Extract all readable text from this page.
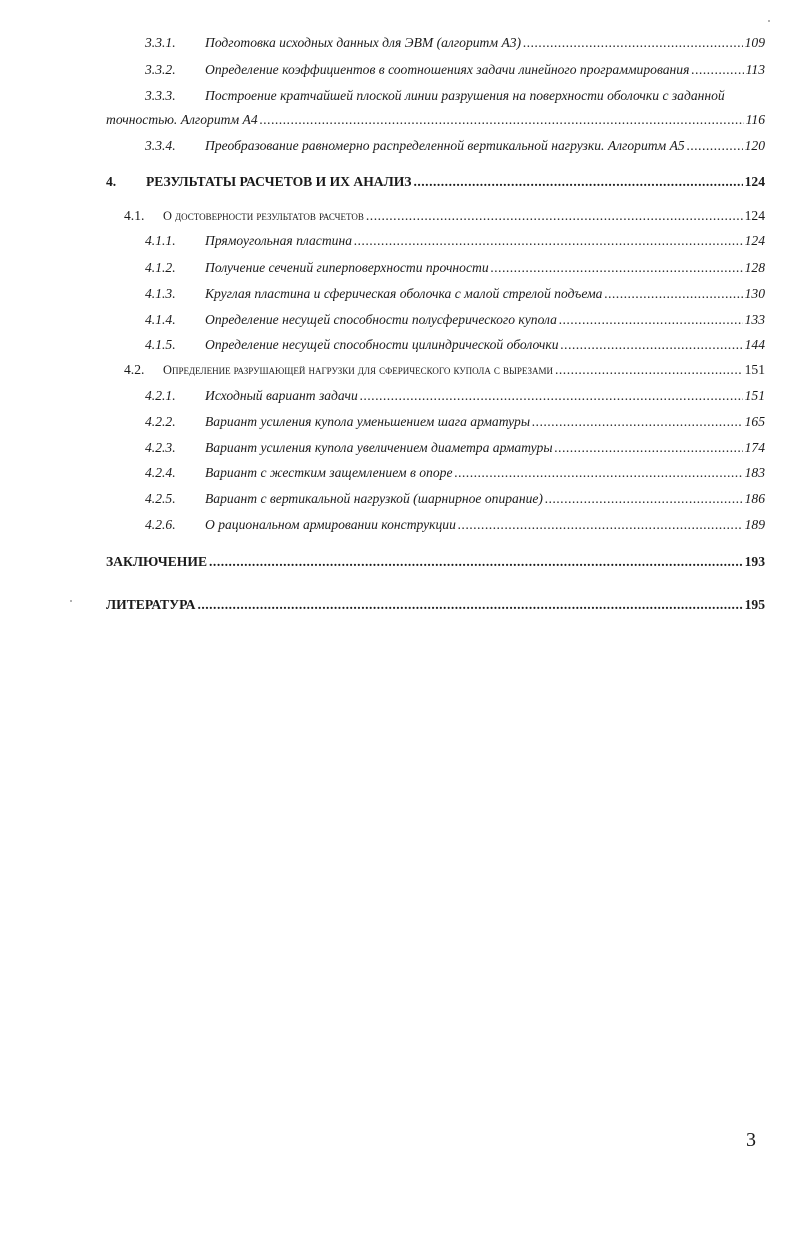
3.3.1. Подготовка исходных данных для ЭВМ (алгоритм А3) .....	109
3.3.2. Определение коэффициентов в соотношениях задачи линейного программирования .....	113
3.3.3. Построение кратчайшей плоской линии разрушения на поверхности оболочки с заданной
точностью. Алгоритм А4 .....	116
3.3.4. Преобразование равномерно распределенной вертикальной нагрузки. Алгоритм А5 .....	120
4. РЕЗУЛЬТАТЫ РАСЧЕТОВ И ИХ АНАЛИЗ .....	124
4.1. О достоверности результатов расчетов .....	124
4.1.1. Прямоугольная пластина .....	124
4.1.2. Получение сечений гиперповерхности прочности .....	128
4.1.3. Круглая пластина и сферическая оболочка с малой стрелой подъема .....	130
4.1.4. Определение несущей способности полусферического купола .....	133
4.1.5. Определение несущей способности цилиндрической оболочки .....	144
4.2. Определение разрушающей нагрузки для сферического купола с вырезами .....	151
4.2.1. Исходный вариант задачи .....	151
4.2.2. Вариант усиления купола уменьшением шага арматуры .....	165
4.2.3. Вариант усиления купола увеличением диаметра арматуры .....	174
4.2.4. Вариант с жестким защемлением в опоре .....	183
4.2.5. Вариант с вертикальной нагрузкой (шарнирное опирание) .....	186
4.2.6. О рациональном армировании конструкции .....	189
ЗАКЛЮЧЕНИЕ .....	193
ЛИТЕРАТУРА .....	195
3
